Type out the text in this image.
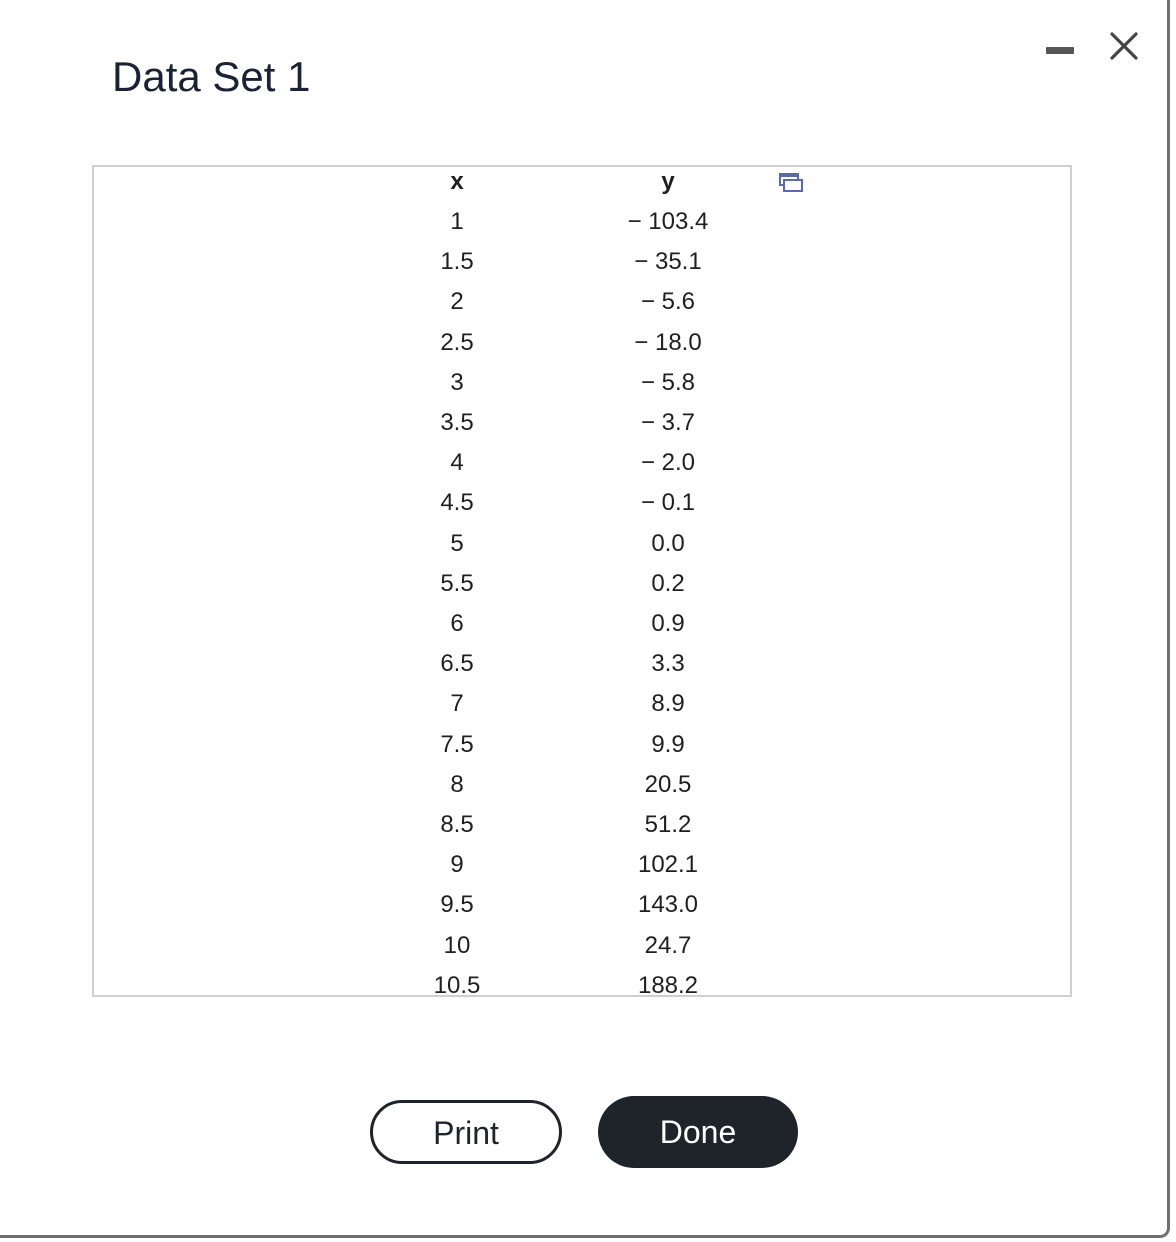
Data Set 1
x	y
1	− 103.4
1.5	− 35.1
2	− 5.6
2.5	− 18.0
3	− 5.8
3.5	− 3.7
4	− 2.0
4.5	− 0.1
5	0.0
5.5	0.2
6	0.9
6.5	3.3
7	8.9
7.5	9.9
8	20.5
8.5	51.2
9	102.1
9.5	143.0
10	24.7
10.5	188.2
Print	Done
